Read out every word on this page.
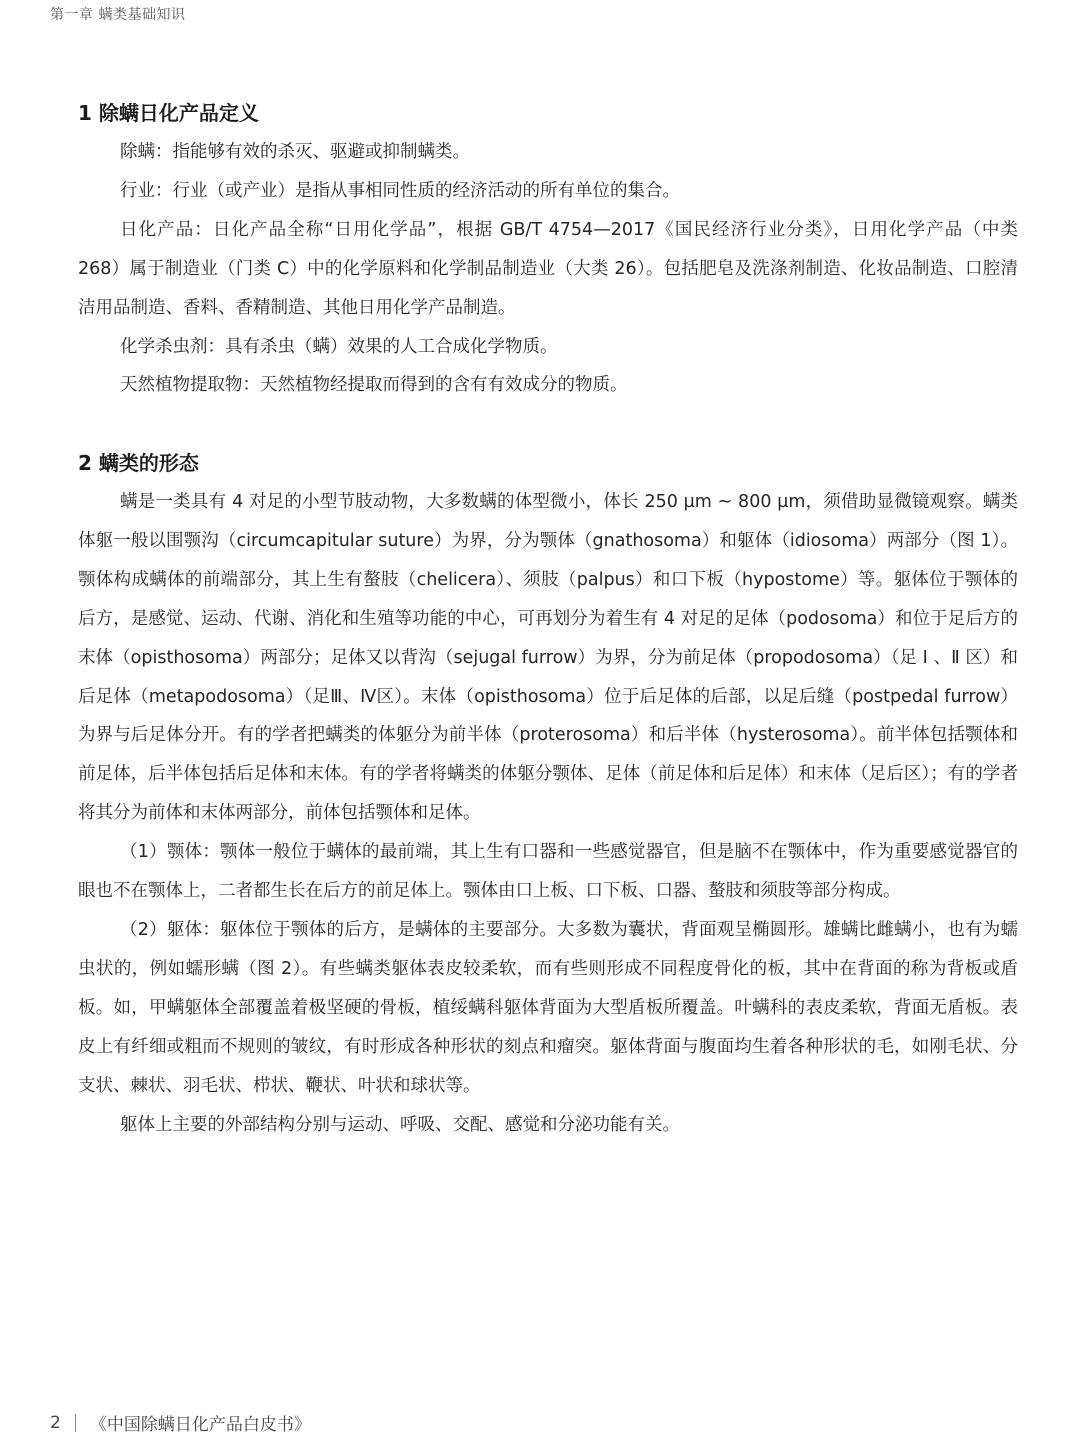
第一章 螨类基础知识
1 除螨日化产品定义

除螨：指能够有效的杀灭、驱避或抑制螨类。

行业：行业（或产业）是指从事相同性质的经济活动的所有单位的集合。

日化产品：日化产品全称“日用化学品”，根据 GB/T 4754—2017《国民经济行业分类》，日用化学产品（中类 268）属于制造业（门类 C）中的化学原料和化学制品制造业（大类 26）。包括肥皂及洗涤剂制造、化妆品制造、口腔清洁用品制造、香料、香精制造、其他日用化学产品制造。

化学杀虫剂：具有杀虫（螨）效果的人工合成化学物质。

天然植物提取物：天然植物经提取而得到的含有有效成分的物质。

2 螨类的形态

螨是一类具有 4 对足的小型节肢动物，大多数螨的体型微小，体长 250 µm ~ 800 µm，须借助显微镜观察。螨类体躯一般以围颚沟（circumcapitular suture）为界，分为颚体（gnathosoma）和躯体（idiosoma）两部分（图 1）。颚体构成螨体的前端部分，其上生有螯肢（chelicera）、须肢（palpus）和口下板（hypostome）等。躯体位于颚体的后方，是感觉、运动、代谢、消化和生殖等功能的中心，可再划分为着生有 4 对足的足体（podosoma）和位于足后方的末体（opisthosoma）两部分；足体又以背沟（sejugal furrow）为界，分为前足体（propodosoma）（足 Ⅰ 、Ⅱ 区）和后足体（metapodosoma）（足Ⅲ、Ⅳ区）。末体（opisthosoma）位于后足体的后部，以足后缝（postpedal furrow）为界与后足体分开。有的学者把螨类的体躯分为前半体（proterosoma）和后半体（hysterosoma）。前半体包括颚体和前足体，后半体包括后足体和末体。有的学者将螨类的体躯分颚体、足体（前足体和后足体）和末体（足后区）；有的学者将其分为前体和末体两部分，前体包括颚体和足体。

（1）颚体：颚体一般位于螨体的最前端，其上生有口器和一些感觉器官，但是脑不在颚体中，作为重要感觉器官的眼也不在颚体上，二者都生长在后方的前足体上。颚体由口上板、口下板、口器、螯肢和须肢等部分构成。

（2）躯体：躯体位于颚体的后方，是螨体的主要部分。大多数为囊状，背面观呈椭圆形。雄螨比雌螨小，也有为蠕虫状的，例如蠕形螨（图 2）。有些螨类躯体表皮较柔软，而有些则形成不同程度骨化的板，其中在背面的称为背板或盾板。如，甲螨躯体全部覆盖着极坚硬的骨板，植绥螨科躯体背面为大型盾板所覆盖。叶螨科的表皮柔软，背面无盾板。表皮上有纤细或粗而不规则的皱纹，有时形成各种形状的刻点和瘤突。躯体背面与腹面均生着各种形状的毛，如刚毛状、分支状、棘状、羽毛状、栉状、鞭状、叶状和球状等。

躯体上主要的外部结构分别与运动、呼吸、交配、感觉和分泌功能有关。

2 《中国除螨日化产品白皮书》
